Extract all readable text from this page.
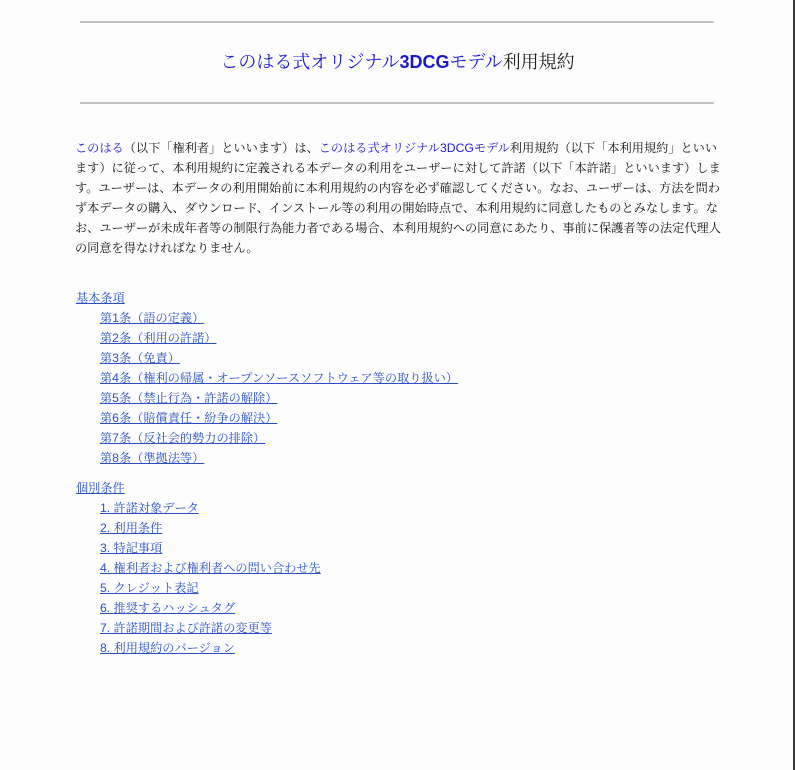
このはる式オリジナル3DCGモデル利用規約

このはる（以下「権利者」といいます）は、このはる式オリジナル3DCGモデル利用規約（以下「本利用規約」といいます）に従って、本利用規約に定義される本データの利用をユーザーに対して許諾（以下「本許諾」といいます）します。ユーザーは、本データの利用開始前に本利用規約の内容を必ず確認してください。なお、ユーザーは、方法を問わず本データの購入、ダウンロード、インストール等の利用の開始時点で、本利用規約に同意したものとみなします。なお、ユーザーが未成年者等の制限行為能力者である場合、本利用規約への同意にあたり、事前に保護者等の法定代理人の同意を得なければなりません。

基本条項
第1条（語の定義）
第2条（利用の許諾）
第3条（免責）
第4条（権利の帰属・オープンソースソフトウェア等の取り扱い）
第5条（禁止行為・許諾の解除）
第6条（賠償責任・紛争の解決）
第7条（反社会的勢力の排除）
第8条（準拠法等）
個別条件
1. 許諾対象データ
2. 利用条件
3. 特記事項
4. 権利者および権利者への問い合わせ先
5. クレジット表記
6. 推奨するハッシュタグ
7. 許諾期間および許諾の変更等
8. 利用規約のバージョン
